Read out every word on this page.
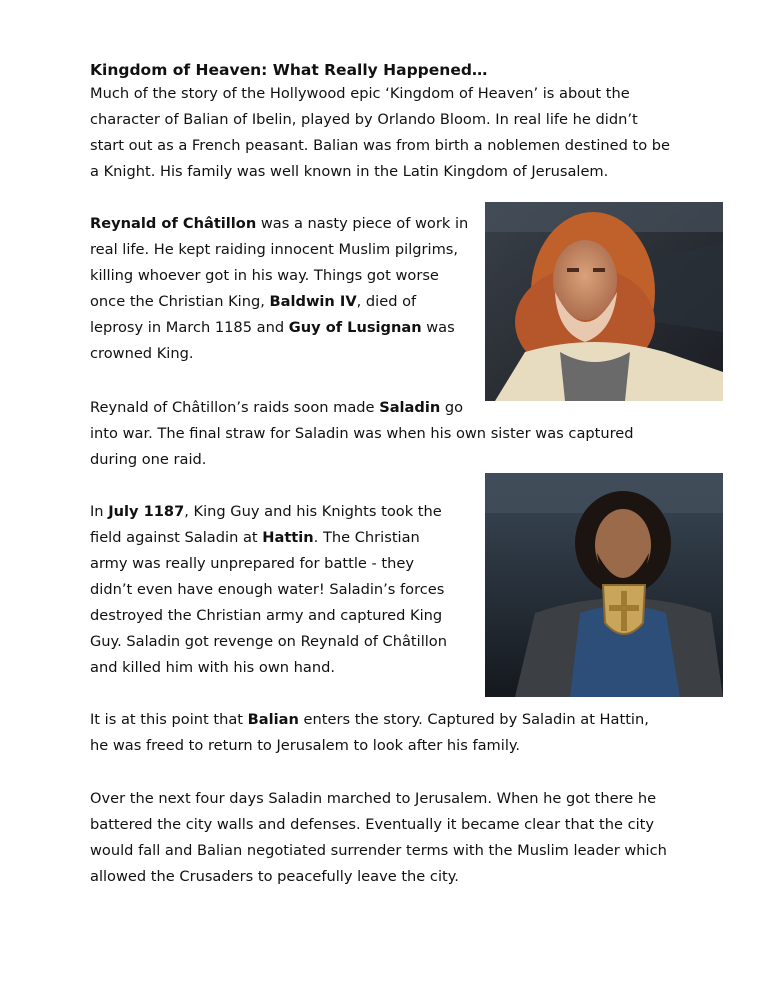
Kingdom of Heaven: What Really Happened…
Much of the story of the Hollywood epic ‘Kingdom of Heaven’ is about the
character of Balian of Ibelin, played by Orlando Bloom. In real life he didn’t
start out as a French peasant. Balian was from birth a noblemen destined to be
a Knight. His family was well known in the Latin Kingdom of Jerusalem.
Reynald of Châtillon was a nasty piece of work in
real life. He kept raiding innocent Muslim pilgrims,
killing whoever got in his way. Things got worse
once the Christian King, Baldwin IV, died of
leprosy in March 1185 and Guy of Lusignan was
crowned King.
Reynald of Châtillon’s raids soon made Saladin go
into war. The final straw for Saladin was when his own sister was captured
during one raid.
In July 1187, King Guy and his Knights took the
field against Saladin at Hattin. The Christian
army was really unprepared for battle - they
didn’t even have enough water! Saladin’s forces
destroyed the Christian army and captured King
Guy. Saladin got revenge on Reynald of Châtillon
and killed him with his own hand.
It is at this point that Balian enters the story. Captured by Saladin at Hattin,
he was freed to return to Jerusalem to look after his family.
Over the next four days Saladin marched to Jerusalem. When he got there he
battered the city walls and defenses. Eventually it became clear that the city
would fall and Balian negotiated surrender terms with the Muslim leader which
allowed the Crusaders to peacefully leave the city.
